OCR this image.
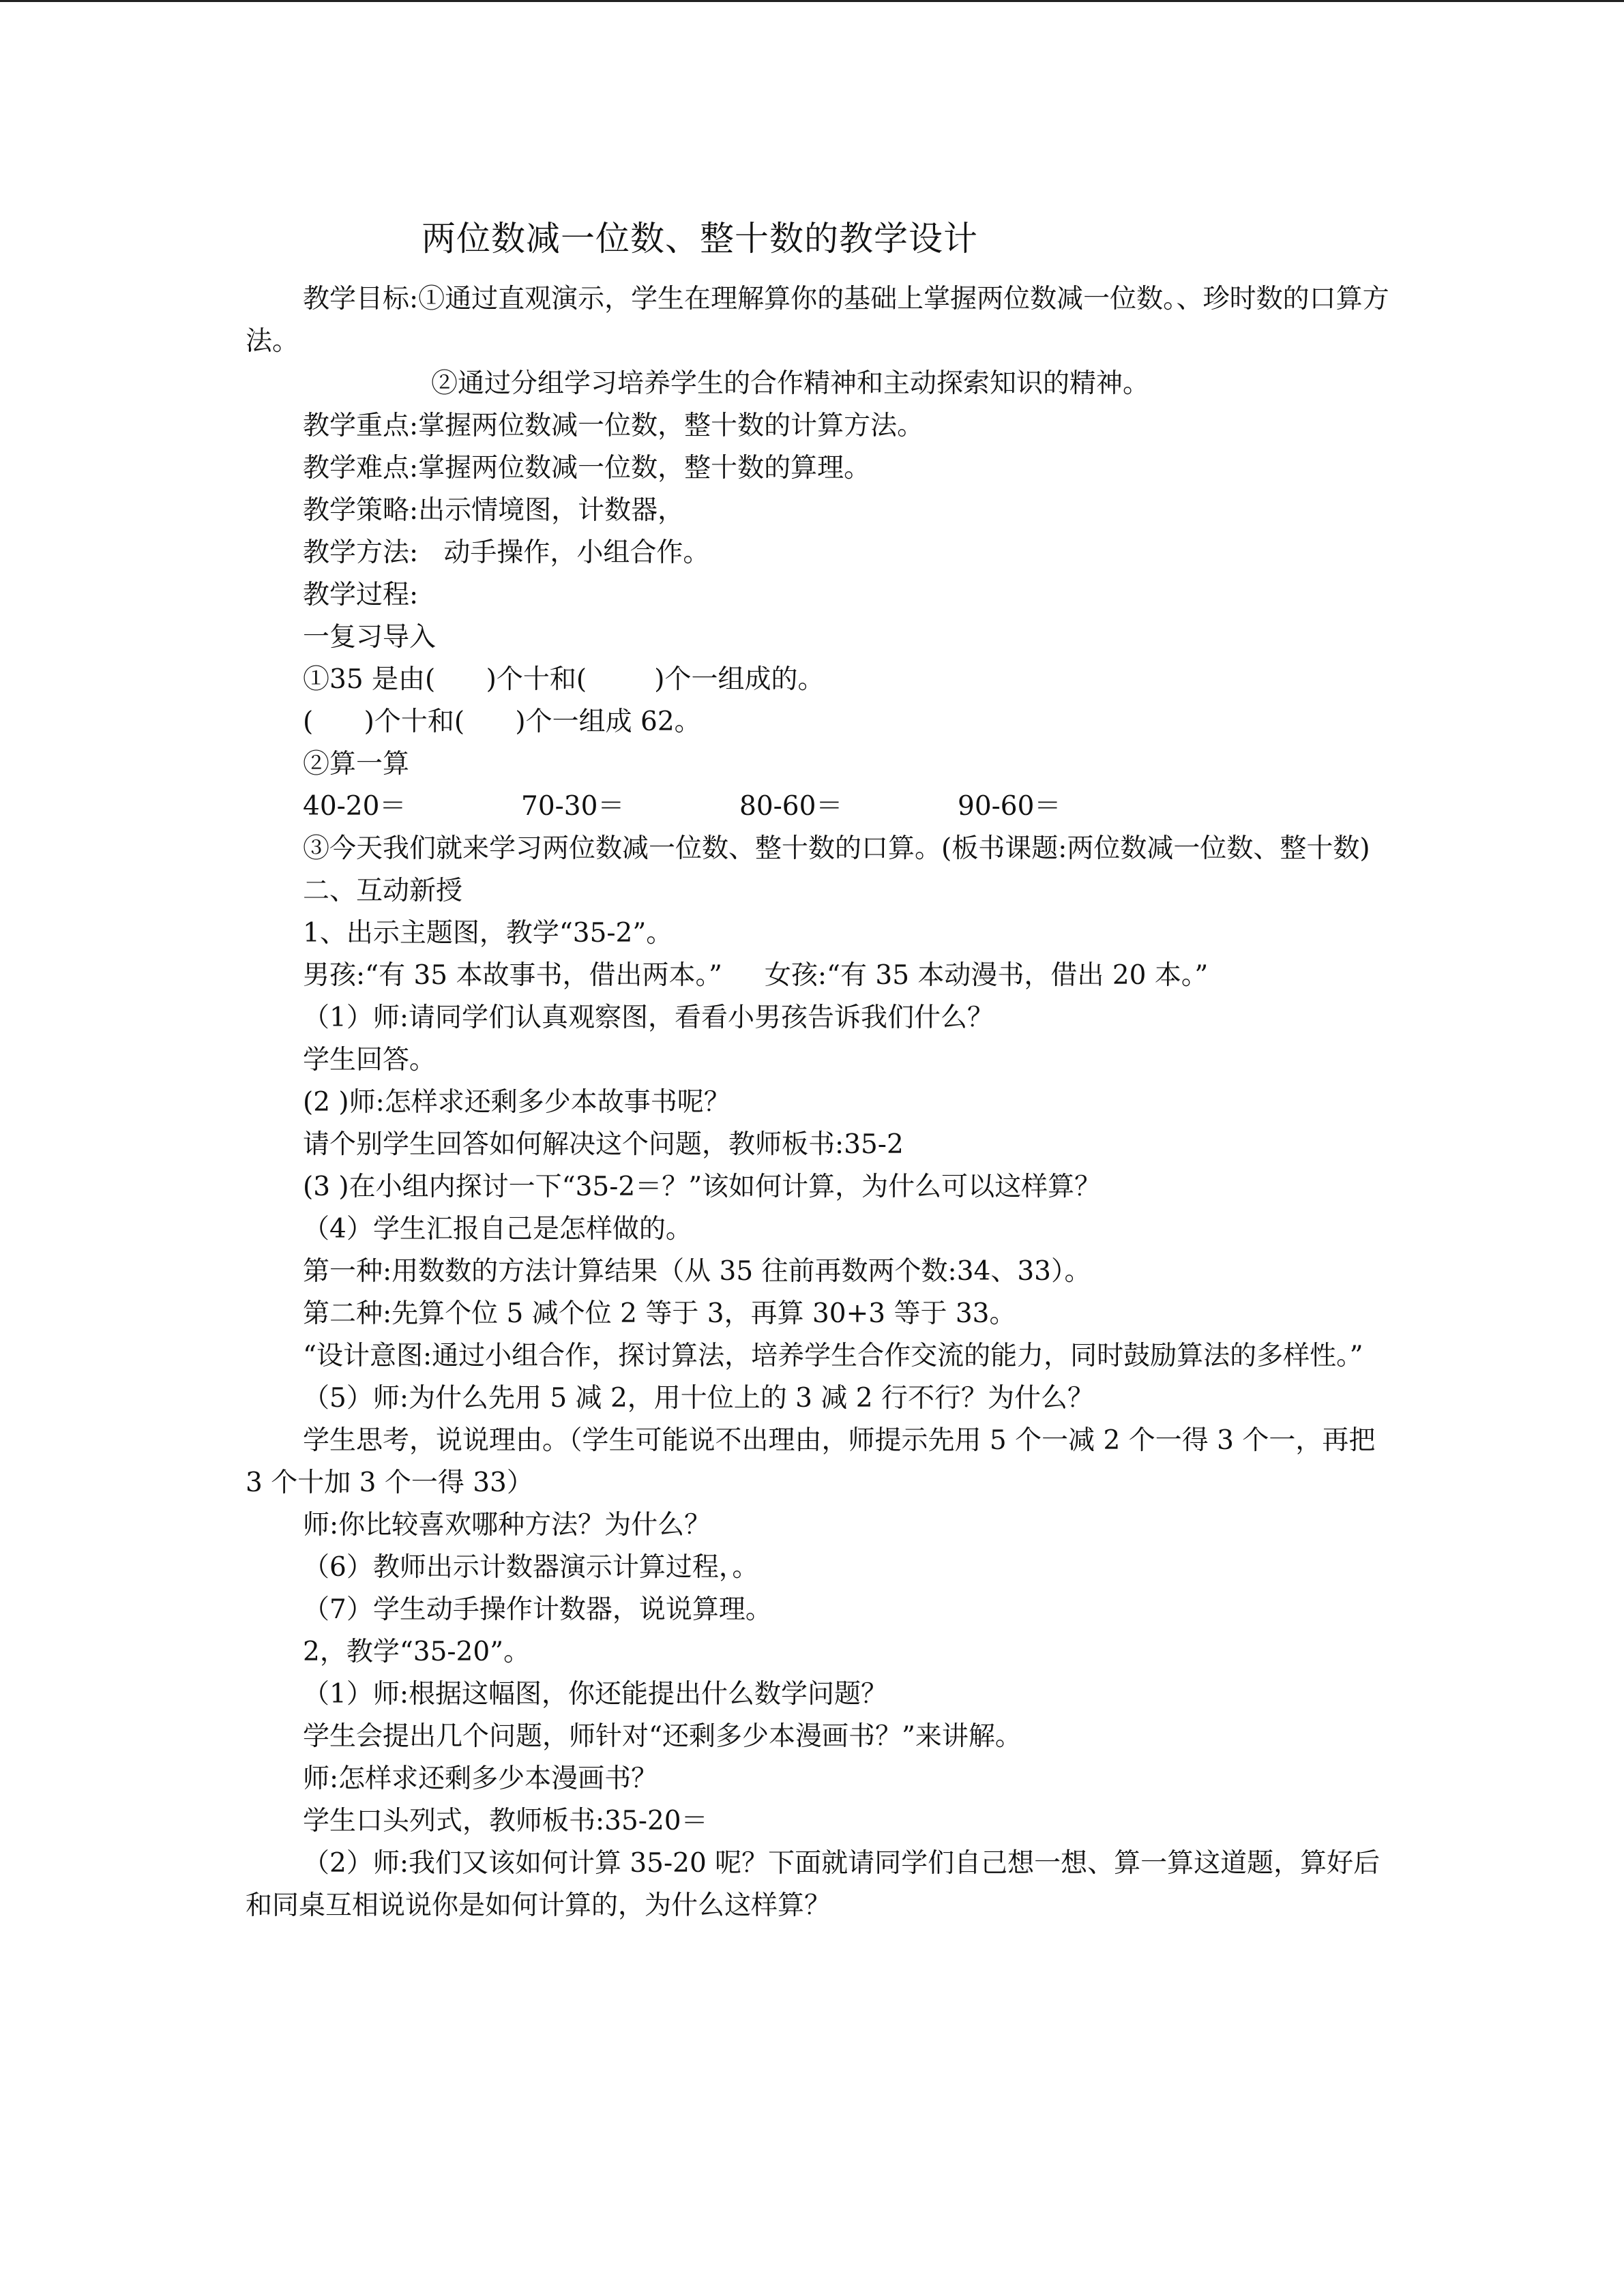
两位数减一位数、整十数的教学设计

教学目标:①通过直观演示，学生在理解算你的基础上掌握两位数减一位数。、珍时数的口算方法。

②通过分组学习培养学生的合作精神和主动探索知识的精神。

教学重点:掌握两位数减一位数，整十数的计算方法。

教学难点:掌握两位数减一位数，整十数的算理。

教学策略:出示情境图，计数器，

教学方法:   动手操作，小组合作。

教学过程:

一复习导入

①35 是由(      )个十和(        )个一组成的。

(      )个十和(      )个一组成 62。

②算一算

40-20＝	70-30＝	80-60＝	90-60＝

③今天我们就来学习两位数减一位数、整十数的口算。(板书课题:两位数减一位数、整十数)

二、互动新授

1、出示主题图，教学“35-2”。

男孩:“有 35 本故事书，借出两本。”     女孩:“有 35 本动漫书，借出 20 本。”

（1）师:请同学们认真观察图，看看小男孩告诉我们什么？

学生回答。

(2 )师:怎样求还剩多少本故事书呢？

请个别学生回答如何解决这个问题，教师板书:35-2

(3 )在小组内探讨一下“35-2＝？”该如何计算，为什么可以这样算？

（4）学生汇报自己是怎样做的。

第一种:用数数的方法计算结果（从 35 往前再数两个数:34、33）。

第二种:先算个位 5 减个位 2 等于 3，再算 30+3 等于 33。

“设计意图:通过小组合作，探讨算法，培养学生合作交流的能力，同时鼓励算法的多样性。”

（5）师:为什么先用 5 减 2，用十位上的 3 减 2 行不行？为什么？

学生思考，说说理由。（学生可能说不出理由，师提示先用 5 个一减 2 个一得 3 个一，再把 3 个十加 3 个一得 33）

师:你比较喜欢哪种方法？为什么？

（6）教师出示计数器演示计算过程，。

（7）学生动手操作计数器，说说算理。

2，教学“35-20”。

（1）师:根据这幅图，你还能提出什么数学问题？

学生会提出几个问题，师针对“还剩多少本漫画书？”来讲解。

师:怎样求还剩多少本漫画书？

学生口头列式，教师板书:35-20＝

（2）师:我们又该如何计算 35-20 呢？下面就请同学们自己想一想、算一算这道题，算好后和同桌互相说说你是如何计算的，为什么这样算？
